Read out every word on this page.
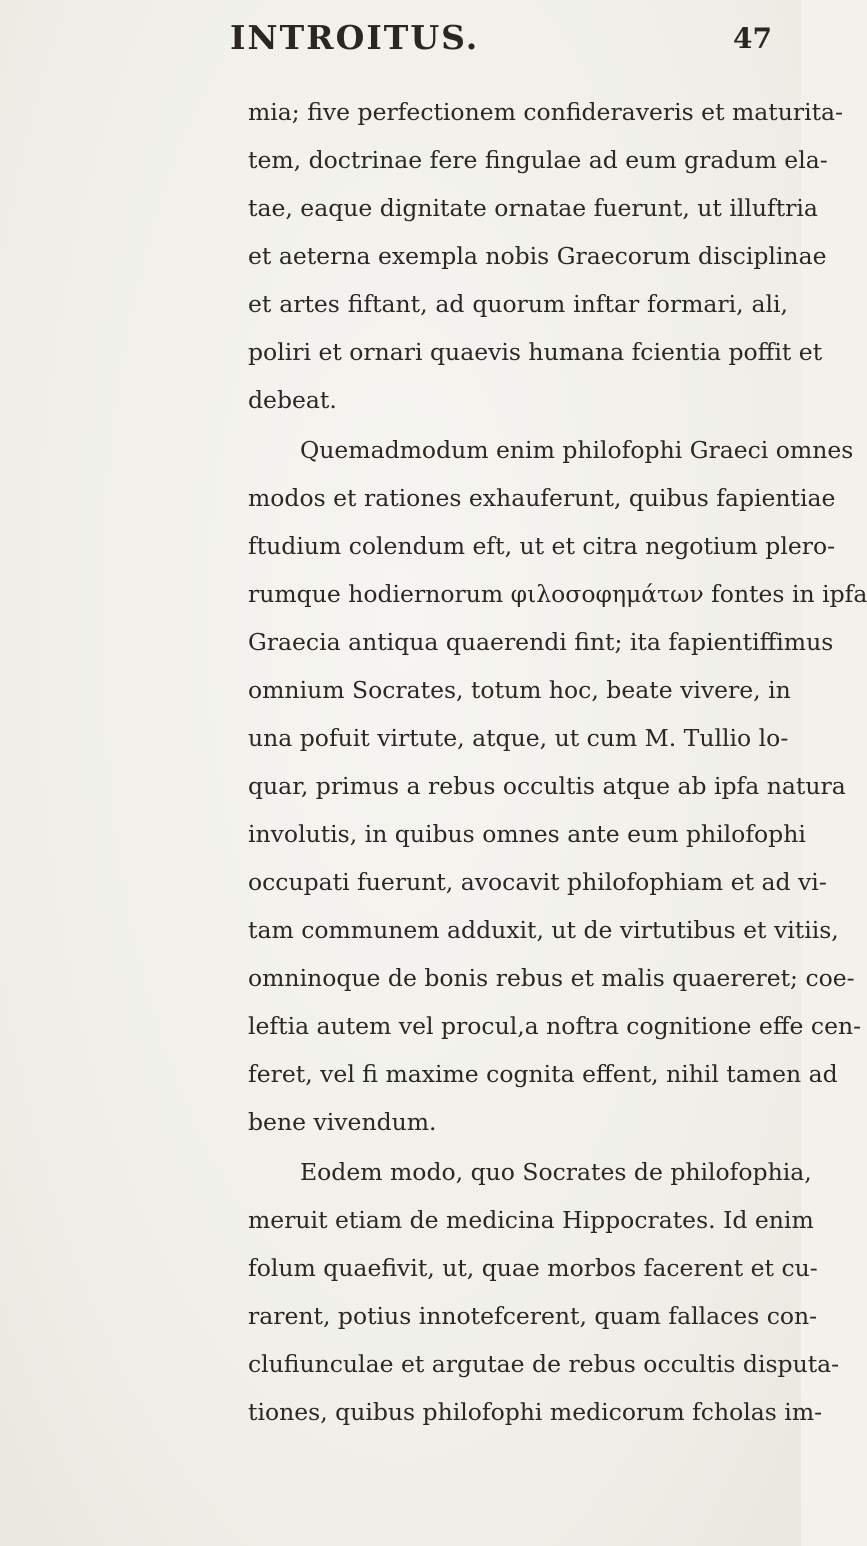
INTROITUS.	47
mia; five perfectionem confideraveris et maturita-
tem, doctrinae fere fingulae ad eum gradum ela-
tae, eaque dignitate ornatae fuerunt, ut illuftria
et aeterna exempla nobis Graecorum disciplinae
et artes fiftant, ad quorum inftar formari, ali,
poliri et ornari quaevis humana fcientia poffit et
debeat.
Quemadmodum enim philofophi Graeci omnes
modos et rationes exhauferunt, quibus fapientiae
ftudium colendum eft, ut et citra negotium plero-
rumque hodiernorum φιλοσοφημάτων fontes in ipfa
Graecia antiqua quaerendi fint; ita fapientiffimus
omnium Socrates, totum hoc, beate vivere, in
una pofuit virtute, atque, ut cum M. Tullio lo-
quar, primus a rebus occultis atque ab ipfa natura
involutis, in quibus omnes ante eum philofophi
occupati fuerunt, avocavit philofophiam et ad vi-
tam communem adduxit, ut de virtutibus et vitiis,
omninoque de bonis rebus et malis quaereret; coe-
leftia autem vel procul,a noftra cognitione effe cen-
feret, vel fi maxime cognita effent, nihil tamen ad
bene vivendum.
Eodem modo, quo Socrates de philofophia,
meruit etiam de medicina Hippocrates. Id enim
folum quaefivit, ut, quae morbos facerent et cu-
rarent, potius innotefcerent, quam fallaces con-
clufiunculae et argutae de rebus occultis disputa-
tiones, quibus philofophi medicorum fcholas im-
